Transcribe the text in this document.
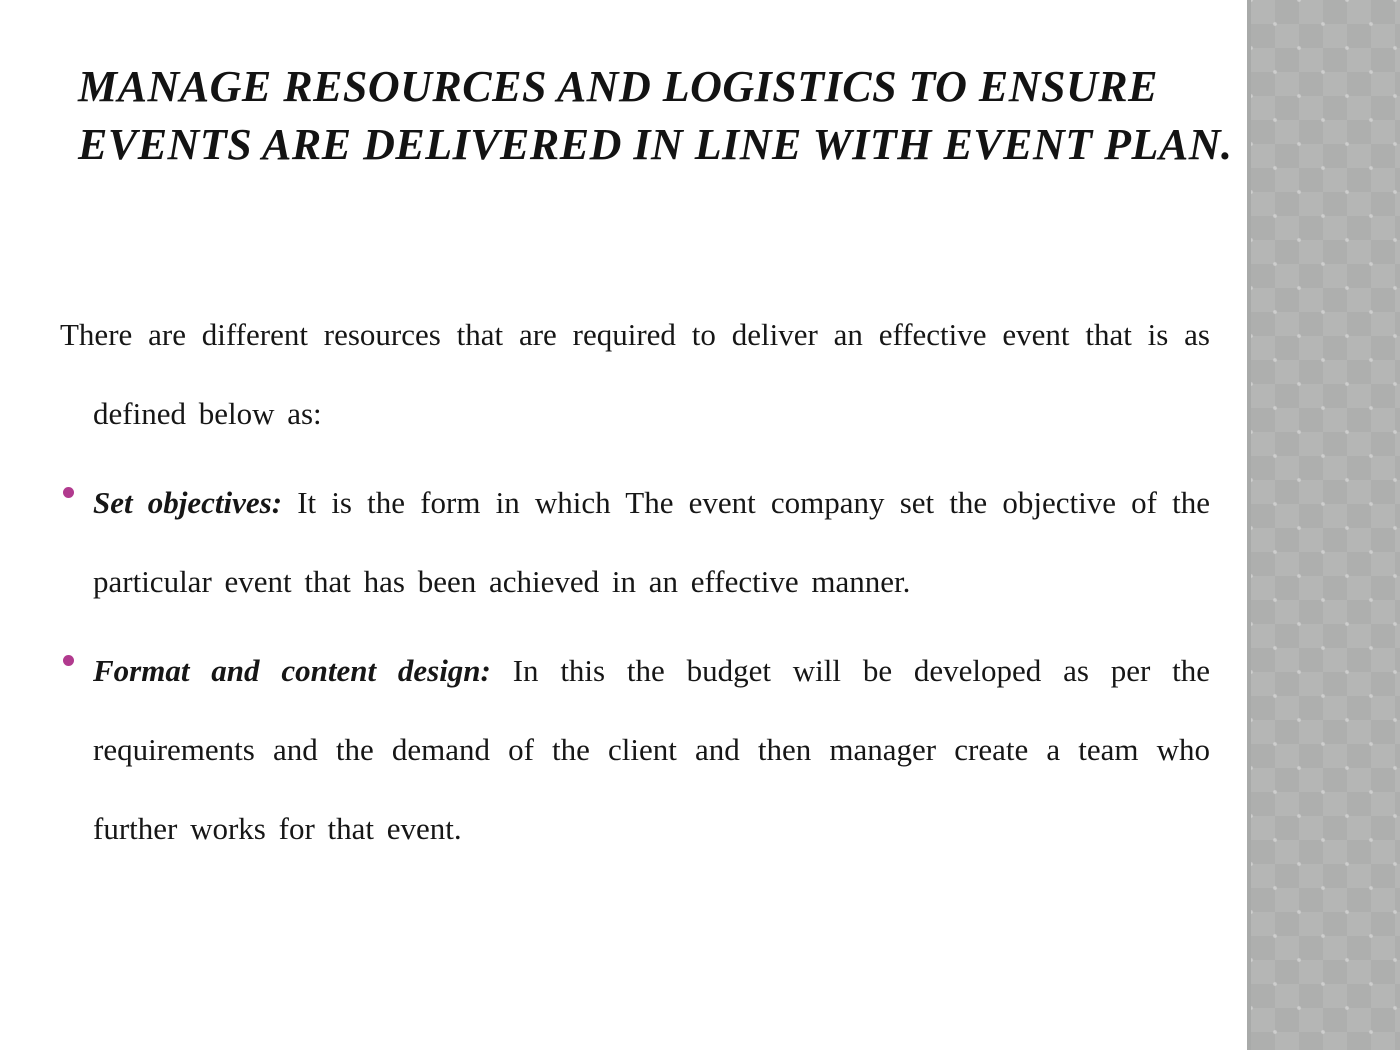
MANAGE RESOURCES AND LOGISTICS TO ENSURE EVENTS ARE DELIVERED IN LINE WITH EVENT PLAN.

There are different resources that are required to deliver an effective event that is as defined below as:

Set objectives: It is the form in which The event company set the objective of the particular event that has been achieved in an effective manner.
Format and content design: In this the budget will be developed as per the requirements and the demand of the client and then manager create a team who further works for that event.
